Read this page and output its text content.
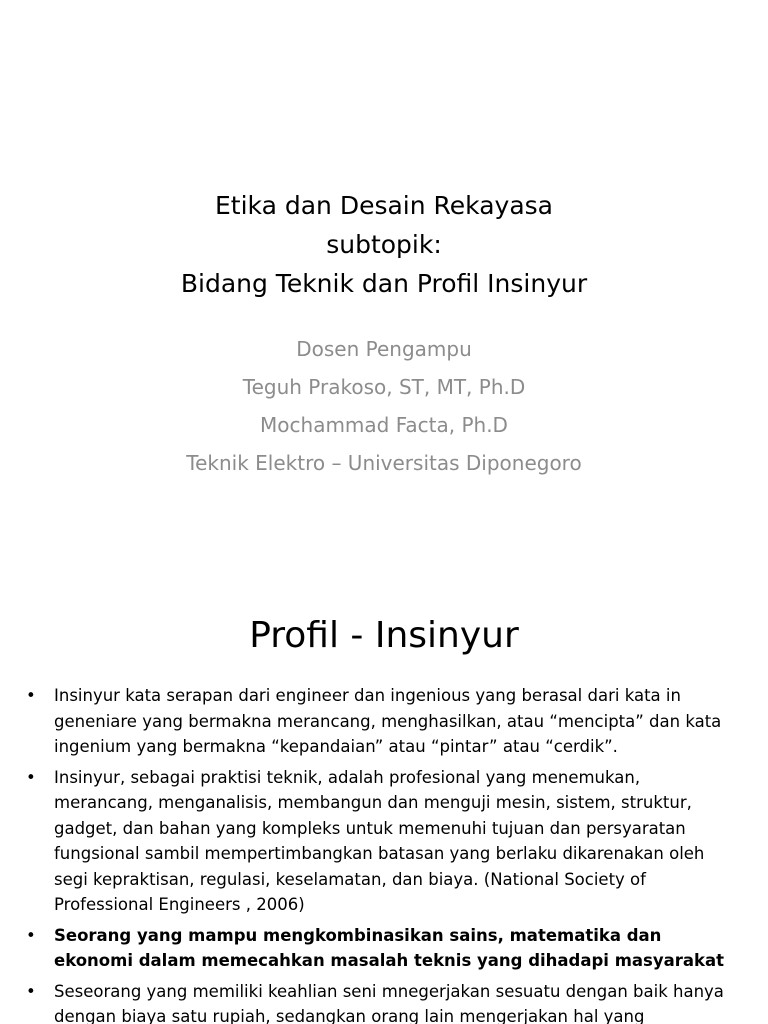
Etika dan Desain Rekayasa
subtopik:
Bidang Teknik dan Profil Insinyur
Dosen Pengampu
Teguh Prakoso, ST, MT, Ph.D
Mochammad Facta, Ph.D
Teknik Elektro – Universitas Diponegoro
Profil - Insinyur
• Insinyur kata serapan dari engineer dan ingenious yang berasal dari kata in geneniare yang bermakna merancang, menghasilkan, atau “mencipta” dan kata ingenium yang bermakna “kepandaian” atau “pintar” atau “cerdik”.
• Insinyur, sebagai praktisi teknik, adalah profesional yang menemukan, merancang, menganalisis, membangun dan menguji mesin, sistem, struktur, gadget, dan bahan yang kompleks untuk memenuhi tujuan dan persyaratan fungsional sambil mempertimbangkan batasan yang berlaku dikarenakan oleh segi kepraktisan, regulasi, keselamatan, dan biaya. (National Society of Professional Engineers , 2006)
• Seorang yang mampu mengkombinasikan sains, matematika dan ekonomi dalam memecahkan masalah teknis yang dihadapi masyarakat
• Seseorang yang memiliki keahlian seni mnegerjakan sesuatu dengan baik hanya dengan biaya satu rupiah, sedangkan orang lain mengerjakan hal yang
